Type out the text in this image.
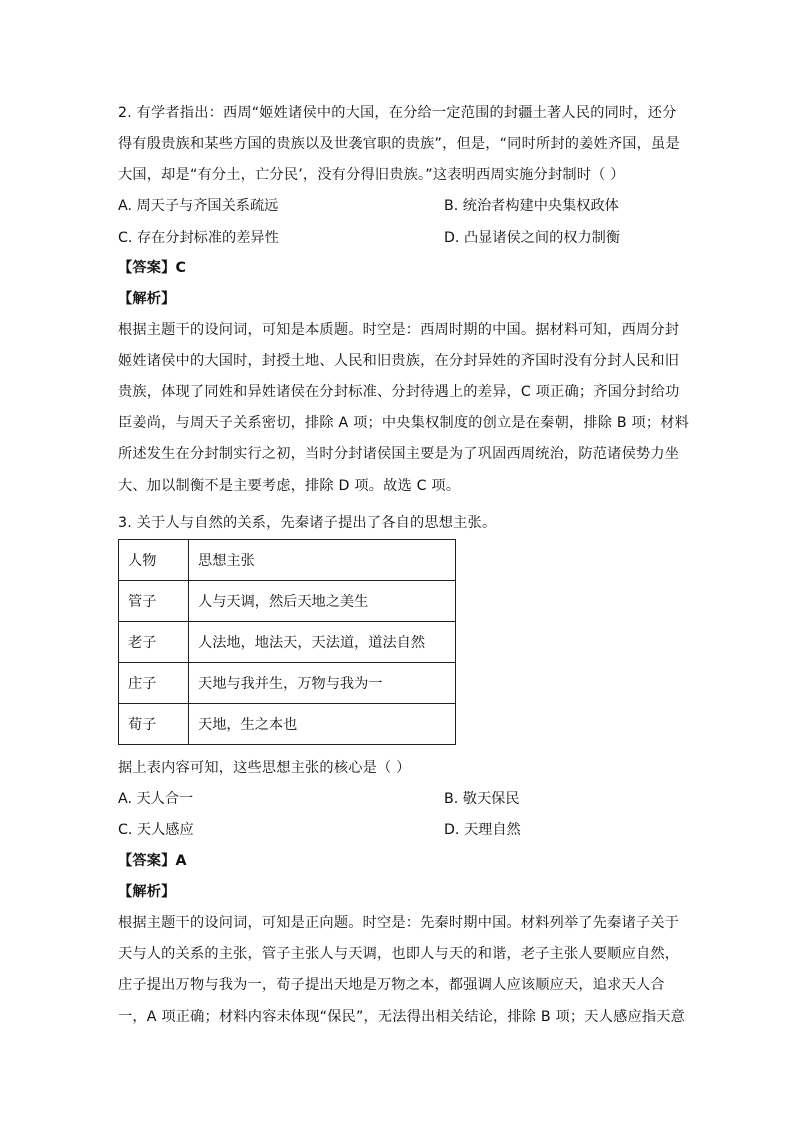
2. 有学者指出：西周“姬姓诸侯中的大国，在分给一定范围的封疆土著人民的同时，还分
得有殷贵族和某些方国的贵族以及世袭官职的贵族”，但是，“同时所封的姜姓齐国，虽是
大国，却是“有分土，亡分民’，没有分得旧贵族。”这表明西周实施分封制时（ ）
A. 周天子与齐国关系疏远	B. 统治者构建中央集权政体
C. 存在分封标准的差异性	D. 凸显诸侯之间的权力制衡
【答案】C
【解析】
根据主题干的设问词，可知是本质题。时空是：西周时期的中国。据材料可知，西周分封
姬姓诸侯中的大国时，封授土地、人民和旧贵族，在分封异姓的齐国时没有分封人民和旧
贵族，体现了同姓和异姓诸侯在分封标准、分封待遇上的差异，C 项正确；齐国分封给功
臣姜尚，与周天子关系密切，排除 A 项；中央集权制度的创立是在秦朝，排除 B 项；材料
所述发生在分封制实行之初，当时分封诸侯国主要是为了巩固西周统治，防范诸侯势力坐
大、加以制衡不是主要考虑，排除 D 项。故选 C 项。
3. 关于人与自然的关系，先秦诸子提出了各自的思想主张。
人物	思想主张
管子	人与天调，然后天地之美生
老子	人法地，地法天，天法道，道法自然
庄子	天地与我并生，万物与我为一
荀子	天地，生之本也
据上表内容可知，这些思想主张的核心是（ ）
A. 天人合一	B. 敬天保民
C. 天人感应	D. 天理自然
【答案】A
【解析】
根据主题干的设问词，可知是正向题。时空是：先秦时期中国。材料列举了先秦诸子关于
天与人的关系的主张，管子主张人与天调，也即人与天的和谐，老子主张人要顺应自然，
庄子提出万物与我为一，荀子提出天地是万物之本，都强调人应该顺应天，追求天人合
一，A 项正确；材料内容未体现“保民”，无法得出相关结论，排除 B 项；天人感应指天意
